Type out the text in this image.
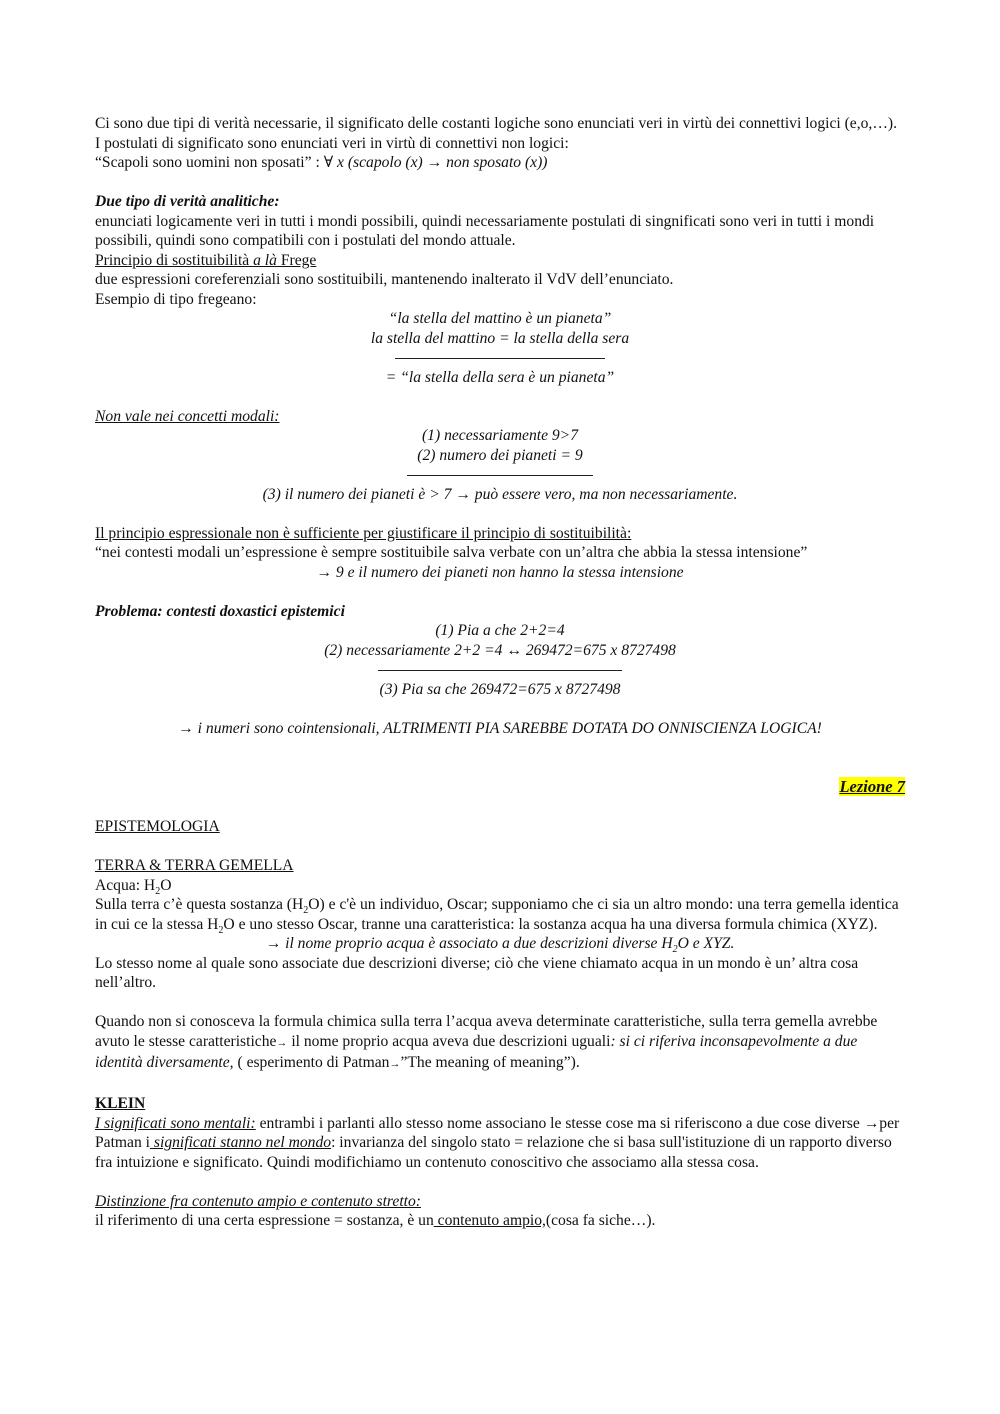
Ci sono due tipi di verità necessarie, il significato delle costanti logiche sono enunciati veri in virtù dei connettivi logici (e,o,…).

I postulati di significato sono enunciati veri in virtù di connettivi non logici:

“Scapoli sono uomini non sposati” : ∀ x (scapolo (x) → non sposato (x))

Due tipo di verità analitiche:

enunciati logicamente veri in tutti i mondi possibili, quindi necessariamente postulati di singnificati sono veri in tutti i mondi possibili, quindi sono compatibili con i postulati del mondo attuale.

Principio di sostituibilità a là Frege

due espressioni coreferenziali sono sostituibili, mantenendo inalterato il VdV dell’enunciato.

Esempio di tipo fregeano:

“la stella del mattino è un pianeta”

la stella del mattino = la stella della sera

= “la stella della sera è un pianeta”

Non vale nei concetti modali:

(1) necessariamente 9>7

(2) numero dei pianeti = 9

(3) il numero dei pianeti è > 7 → può essere vero, ma non necessariamente.

Il principio espressionale non è sufficiente per giustificare il principio di sostituibilità:

“nei contesti modali un’espressione è sempre sostituibile salva verbate con un’altra che abbia la stessa intensione”

→ 9 e il numero dei pianeti non hanno la stessa intensione

Problema: contesti doxastici epistemici

(1) Pia a che 2+2=4

(2) necessariamente 2+2 =4 ↔ 269472=675 x 8727498

(3) Pia sa che 269472=675 x 8727498

→ i numeri sono cointensionali, ALTRIMENTI PIA SAREBBE DOTATA DO ONNISCIENZA LOGICA!

Lezione 7

EPISTEMOLOGIA

TERRA & TERRA GEMELLA

Acqua: $H_2O$

Sulla terra c’è questa sostanza $(H_2O)$ e c'è un individuo, Oscar; supponiamo che ci sia un altro mondo: una terra gemella identica in cui ce la stessa $H_2O$ e uno stesso Oscar, tranne una caratteristica: la sostanza acqua ha una diversa formula chimica (XYZ).

→ il nome proprio acqua è associato a due descrizioni diverse $H_2O$ e XYZ.

Lo stesso nome al quale sono associate due descrizioni diverse; ciò che viene chiamato acqua in un mondo è un’ altra cosa nell’altro.

Quando non si conosceva la formula chimica sulla terra l’acqua aveva determinate caratteristiche, sulla terra gemella avrebbe avuto le stesse caratteristiche→ il nome proprio acqua aveva due descrizioni uguali: si ci riferiva inconsapevolmente a due identità diversamente, ( esperimento di Patman→”The meaning of meaning”).

KLEIN

I significati sono mentali: entrambi i parlanti allo stesso nome associano le stesse cose ma si riferiscono a due cose diverse →per Patman i significati stanno nel mondo: invarianza del singolo stato = relazione che si basa sull'istituzione di un rapporto diverso fra intuizione e significato. Quindi modifichiamo un contenuto conoscitivo che associamo alla stessa cosa.

Distinzione fra contenuto ampio e contenuto stretto:

il riferimento di una certa espressione = sostanza, è un contenuto ampio,(cosa fa siche…).
